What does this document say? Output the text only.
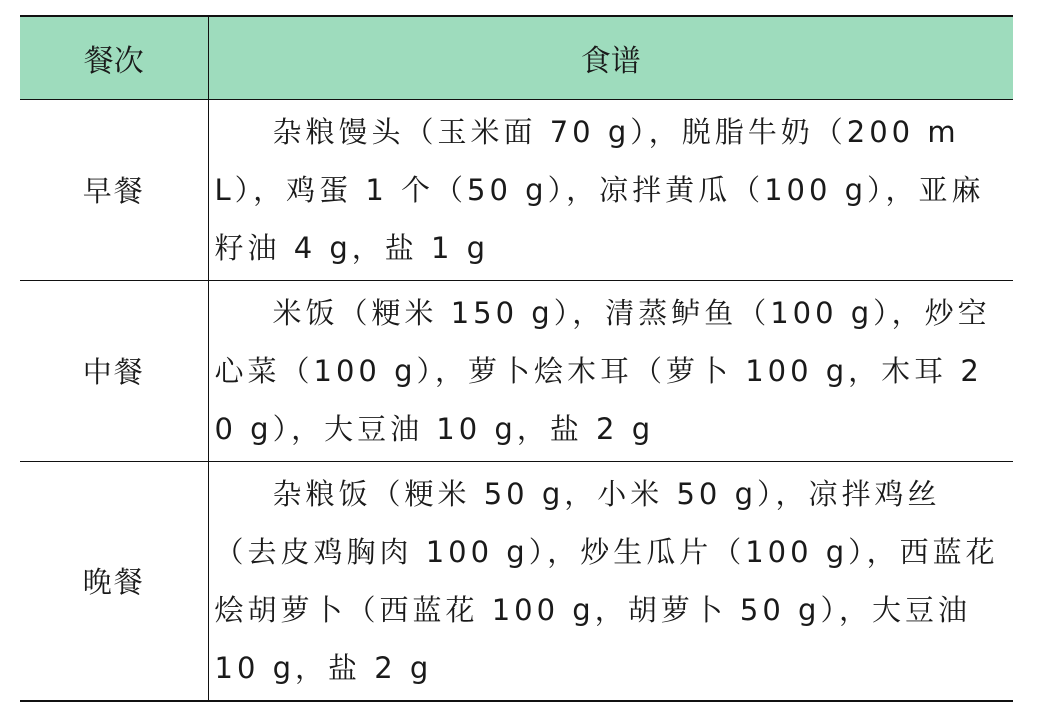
餐次	食谱
早餐	杂粮馒头（玉米面 70 g），脱脂牛奶（200 mL），鸡蛋 1 个（50 g），凉拌黄瓜（100 g），亚麻籽油 4 g，盐 1 g
中餐	米饭（粳米 150 g），清蒸鲈鱼（100 g），炒空心菜（100 g），萝卜烩木耳（萝卜 100 g，木耳 20 g），大豆油 10 g，盐 2 g
晚餐	杂粮饭（粳米 50 g，小米 50 g），凉拌鸡丝（去皮鸡胸肉 100 g），炒生瓜片（100 g），西蓝花烩胡萝卜（西蓝花 100 g，胡萝卜 50 g），大豆油 10 g，盐 2 g
